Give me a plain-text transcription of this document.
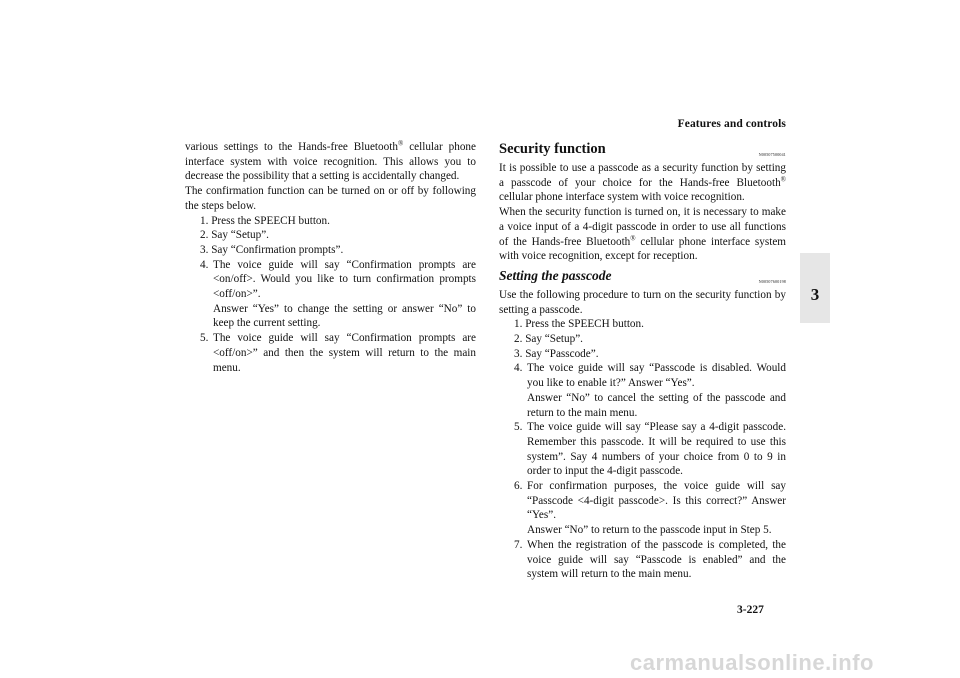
Features and controls
3

various settings to the Hands-free Bluetooth® cellular phone interface system with voice recognition. This allows you to decrease the possibility that a setting is accidentally changed.

The confirmation function can be turned on or off by following the steps below.

1. Press the SPEECH button.
2. Say “Setup”.
3. Say “Confirmation prompts”.
4. The voice guide will say “Confirmation prompts are <on/off>. Would you like to turn confirmation prompts <off/on>”.

Answer “Yes” to change the setting or answer “No” to keep the current setting.

5. The voice guide will say “Confirmation prompts are <off/on>” and then the system will return to the main menu.

Security function	N00507500041

It is possible to use a passcode as a security function by setting a passcode of your choice for the Hands-free Bluetooth® cellular phone interface system with voice recognition.

When the security function is turned on, it is necessary to make a voice input of a 4-digit passcode in order to use all functions of the Hands-free Bluetooth® cellular phone interface system with voice recognition, except for reception.

Setting the passcode	N00507600198

Use the following procedure to turn on the security function by setting a passcode.

1. Press the SPEECH button.
2. Say “Setup”.
3. Say “Passcode”.
4. The voice guide will say “Passcode is disabled. Would you like to enable it?” Answer “Yes”.

Answer “No” to cancel the setting of the passcode and return to the main menu.

5. The voice guide will say “Please say a 4-digit passcode. Remember this passcode. It will be required to use this system”. Say 4 numbers of your choice from 0 to 9 in order to input the 4-digit passcode.

6. For confirmation purposes, the voice guide will say “Passcode <4-digit passcode>. Is this correct?” Answer “Yes”.

Answer “No” to return to the passcode input in Step 5.

7. When the registration of the passcode is completed, the voice guide will say “Passcode is enabled” and the system will return to the main menu.

3-227
carmanualsonline.info
